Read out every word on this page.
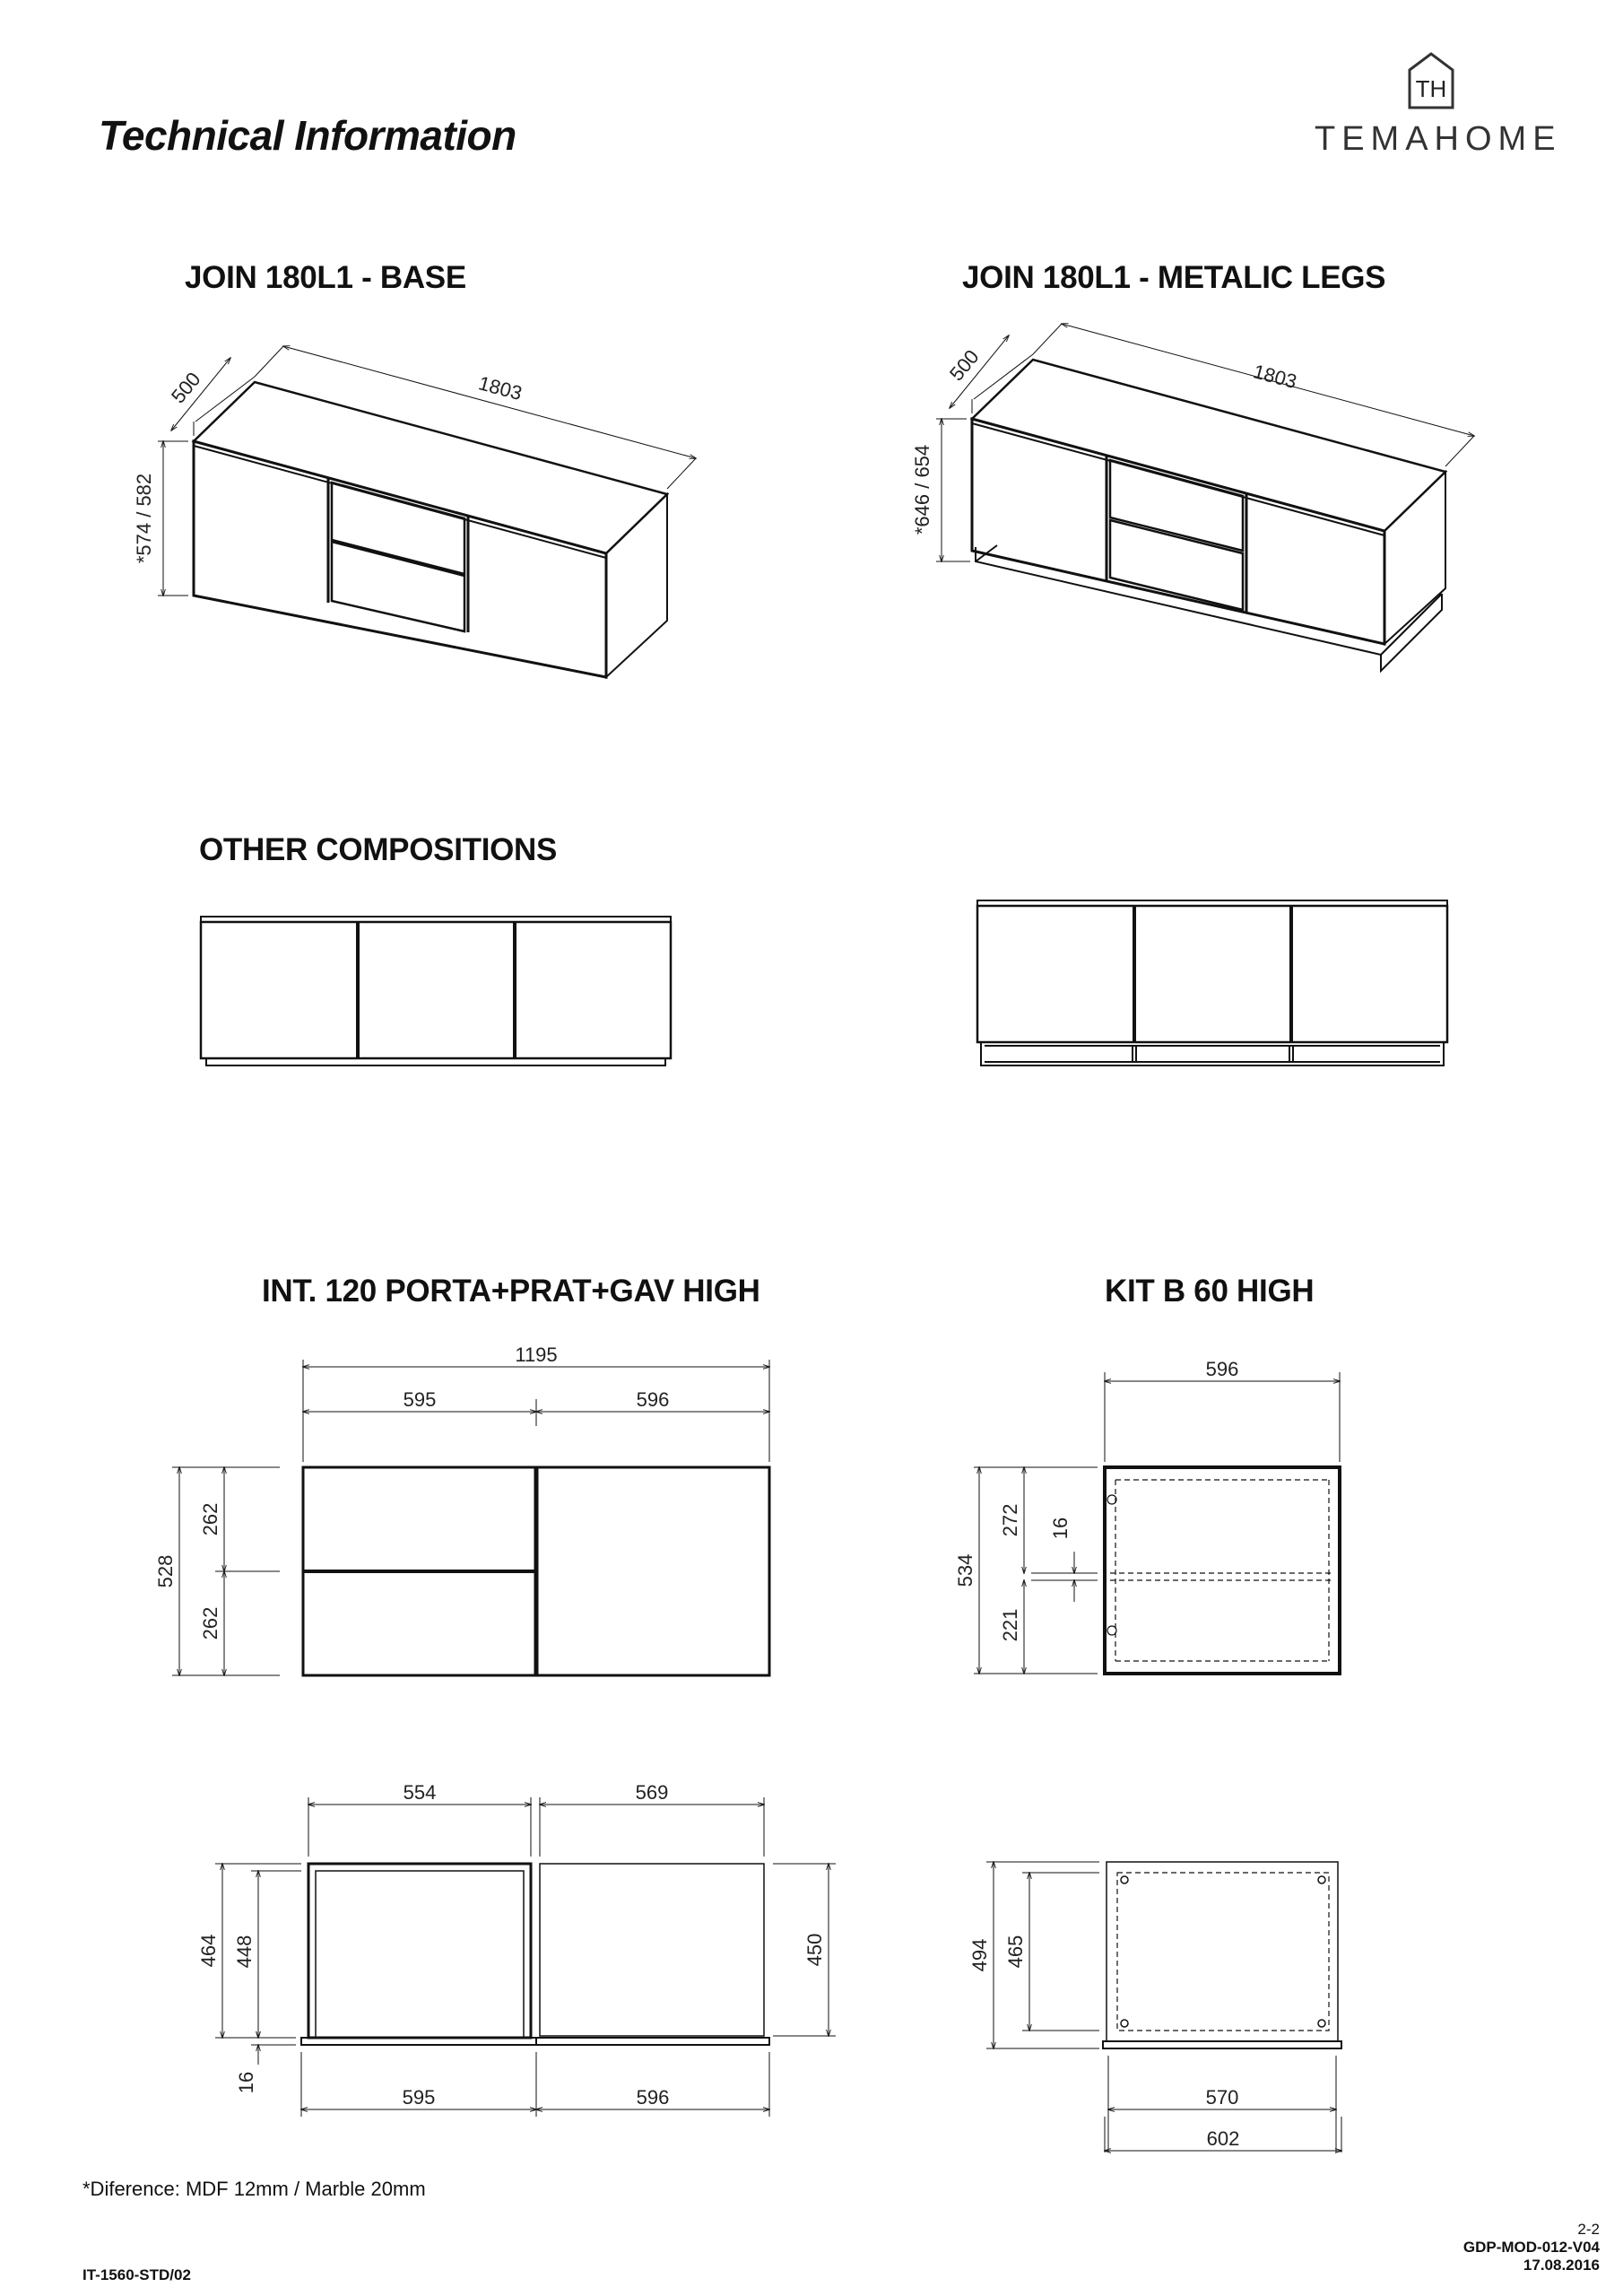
Technical Information
TH
TEMAHOME
JOIN 180L1 - BASE	JOIN 180L1 - METALIC LEGS
OTHER COMPOSITIONS
INT. 120 PORTA+PRAT+GAV HIGH	KIT B 60 HIGH
500	1803
*574 / 582
500	1803
*646 / 654
1195
595	596
528
262
262
596
534
272 16
221
554	569
464 448
16
450
595	596
494 465
570
602
*Diference: MDF 12mm / Marble 20mm
IT-1560-STD/02
2-2
GDP-MOD-012-V04
17.08.2016
